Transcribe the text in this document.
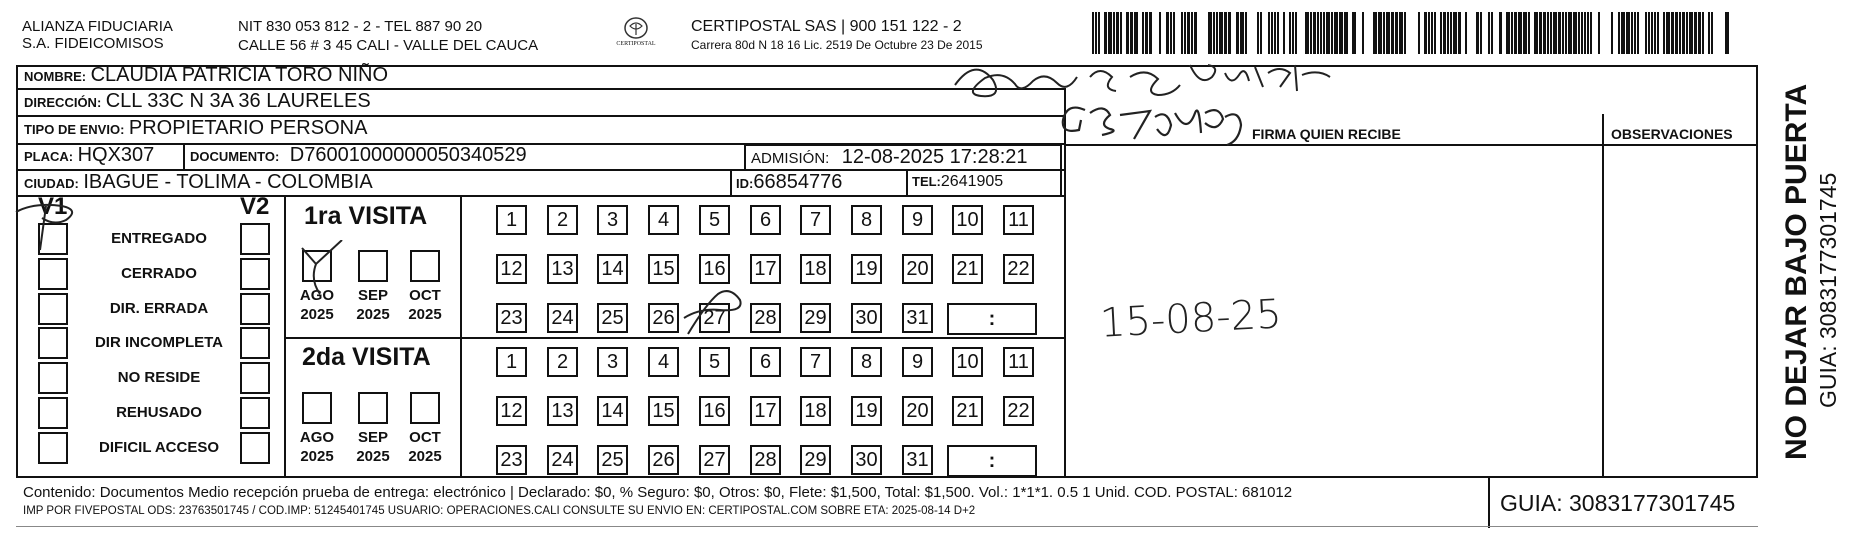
ALIANZA FIDUCIARIA
S.A. FIDEICOMISOS
NIT 830 053 812 - 2 - TEL 887 90 20
CALLE 56 # 3 45 CALI - VALLE DEL CAUCA	CERTIPOSTAL
CERTIPOSTAL SAS | 900 151 122 - 2
Carrera 80d N 18 16 Lic. 2519 De Octubre 23 De 2015
NOMBRE: CLAUDIA PATRICIA TORO NIÑO
DIRECCIÓN: CLL 33C N 3A 36 LAURELES
TIPO DE ENVIO: PROPIETARIO PERSONA
PLACA: HQX307	DOCUMENTO: D76001000000050340529	ADMISIÓN: 12-08-2025 17:28:21
CIUDAD: IBAGUE - TOLIMA - COLOMBIA	ID:66854776	TEL:2641905
FIRMA QUIEN RECIBE	OBSERVACIONES
15-08-25	NO DEJAR BAJO PUERTA GUIA: 3083177301745
V1	V2
ENTREGADO
CERRADO
DIR. ERRADA
DIR INCOMPLETA
NO RESIDE
REHUSADO
DIFICIL ACCESO
1ra VISITA
2da VISITA
AGO
2025
SEP
2025
OCT
2025
AGO
2025
SEP
2025
OCT
2025
1 2 3 4 5 6 7 8 9 10 11
12 13 14 15 16 17 18 19 20 21 22
23 24 25 26 27 28 29 30 31	:
1 2 3 4 5 6 7 8 9 10 11
12 13 14 15 16 17 18 19 20 21 22
23 24 25 26 27 28 29 30 31	:
Contenido: Documentos Medio recepción prueba de entrega: electrónico | Declarado: $0, % Seguro: $0, Otros: $0, Flete: $1,500, Total: $1,500. Vol.: 1*1*1. 0.5 1 Unid. COD. POSTAL: 681012
IMP POR FIVEPOSTAL ODS: 23763501745 / COD.IMP: 51245401745 USUARIO: OPERACIONES.CALI CONSULTE SU ENVIO EN: CERTIPOSTAL.COM SOBRE ETA: 2025-08-14 D+2	GUIA: 3083177301745
